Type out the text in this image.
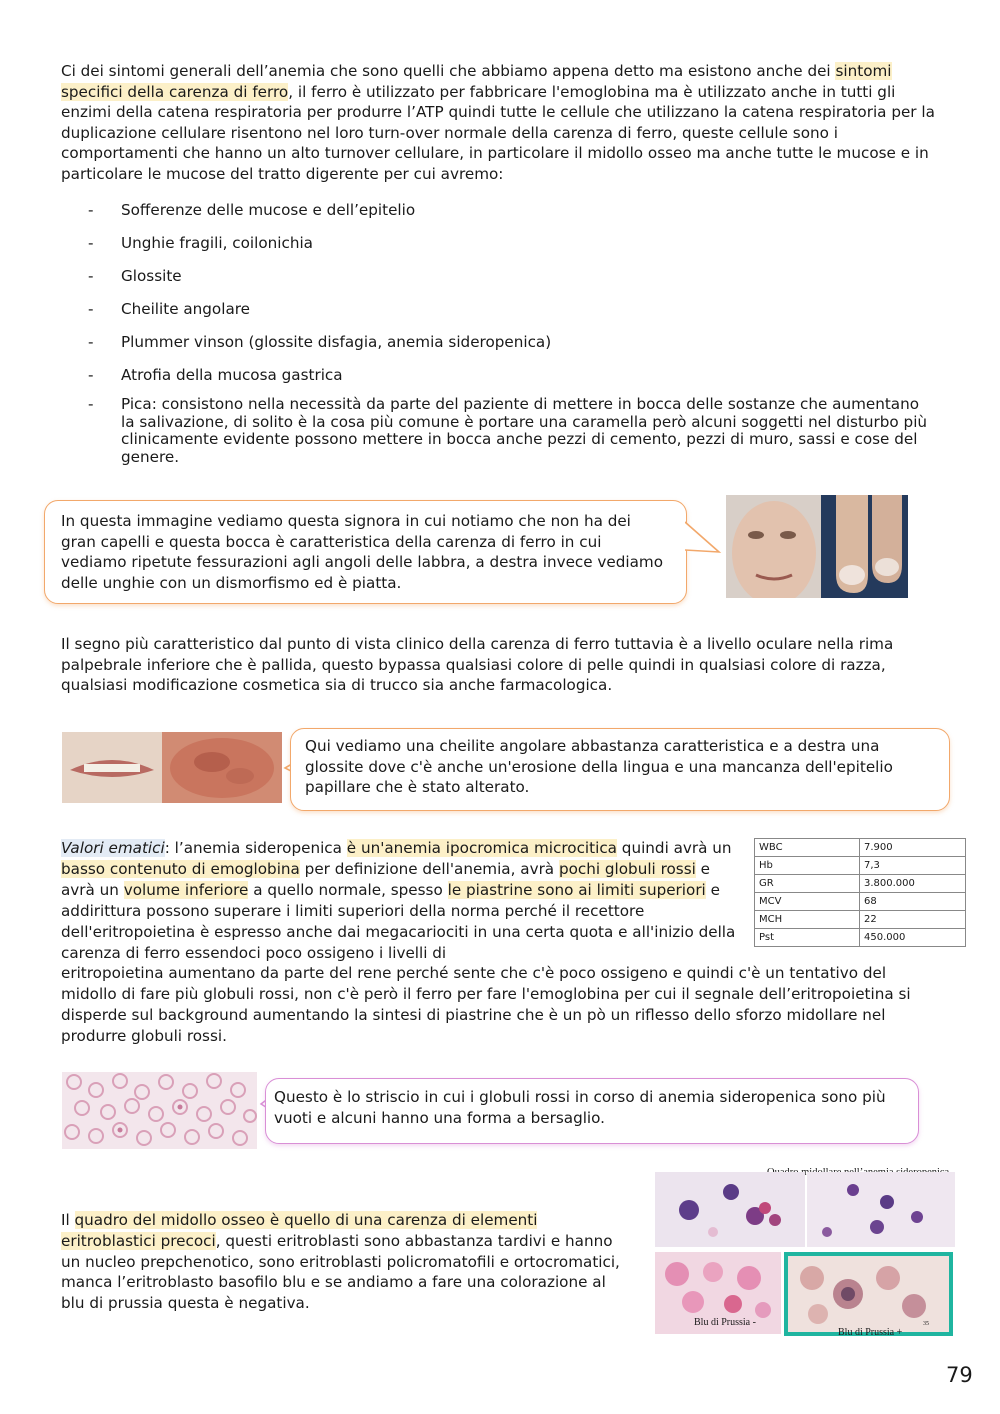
Ci dei sintomi generali dell’anemia che sono quelli che abbiamo appena detto ma esistono anche dei sintomi specifici della carenza di ferro, il ferro è utilizzato per fabbricare l'emoglobina ma è utilizzato anche in tutti gli enzimi della catena respiratoria per produrre l’ATP quindi tutte le cellule che utilizzano la catena respiratoria per la duplicazione cellulare risentono nel loro turn-over normale della carenza di ferro, queste cellule sono i comportamenti che hanno un alto turnover cellulare, in particolare il midollo osseo ma anche tutte le mucose e in particolare le mucose del tratto digerente per cui avremo:
- Sofferenze delle mucose e dell’epitelio
- Unghie fragili, coilonichia
- Glossite
- Cheilite angolare
- Plummer vinson (glossite disfagia, anemia sideropenica)
- Atrofia della mucosa gastrica
- Pica: consistono nella necessità da parte del paziente di mettere in bocca delle sostanze che aumentano la salivazione, di solito è la cosa più comune è portare una caramella però alcuni soggetti nel disturbo più clinicamente evidente possono mettere in bocca anche pezzi di cemento, pezzi di muro, sassi e cose del genere.
In questa immagine vediamo questa signora in cui notiamo che non ha dei gran capelli e questa bocca è caratteristica della carenza di ferro in cui vediamo ripetute fessurazioni agli angoli delle labbra, a destra invece vediamo delle unghie con un dismorfismo ed è piatta.
Il segno più caratteristico dal punto di vista clinico della carenza di ferro tuttavia è a livello oculare nella rima palpebrale inferiore che è pallida, questo bypassa qualsiasi colore di pelle quindi in qualsiasi colore di razza, qualsiasi modificazione cosmetica sia di trucco sia anche farmacologica.
Qui vediamo una cheilite angolare abbastanza caratteristica e a destra una glossite dove c'è anche un'erosione della lingua e una mancanza dell'epitelio papillare che è stato alterato.
Valori ematici: l’anemia sideropenica è un'anemia ipocromica microcitica quindi avrà un basso contenuto di emoglobina per definizione dell'anemia, avrà pochi globuli rossi e avrà un volume inferiore a quello normale, spesso le piastrine sono ai limiti superiori e addirittura possono superare i limiti superiori della norma perché il recettore dell'eritropoietina è espresso anche dai megacariociti in una certa quota e all'inizio della carenza di ferro essendoci poco ossigeno i livelli di
eritropoietina aumentano da parte del rene perché sente che c'è poco ossigeno e quindi c'è un tentativo del midollo di fare più globuli rossi, non c'è però il ferro per fare l'emoglobina per cui il segnale dell’eritropoietina si disperde sul background aumentando la sintesi di piastrine che è un pò un riflesso dello sforzo midollare nel produrre globuli rossi.
WBC	7.900
Hb	7,3
GR	3.800.000
MCV	68
MCH	22
Pst	450.000
Questo è lo striscio in cui i globuli rossi in corso di anemia sideropenica sono più vuoti e alcuni hanno una forma a bersaglio.
Il quadro del midollo osseo è quello di una carenza di elementi eritroblastici precoci, questi eritroblasti sono abbastanza tardivi e hanno un nucleo prepchenotico, sono eritroblasti policromatofili e ortocromatici, manca l’eritroblasto basofilo blu e se andiamo a fare una colorazione al blu di prussia questa è negativa.
Blu di Prussia -
Blu di Prussia +
35
79
